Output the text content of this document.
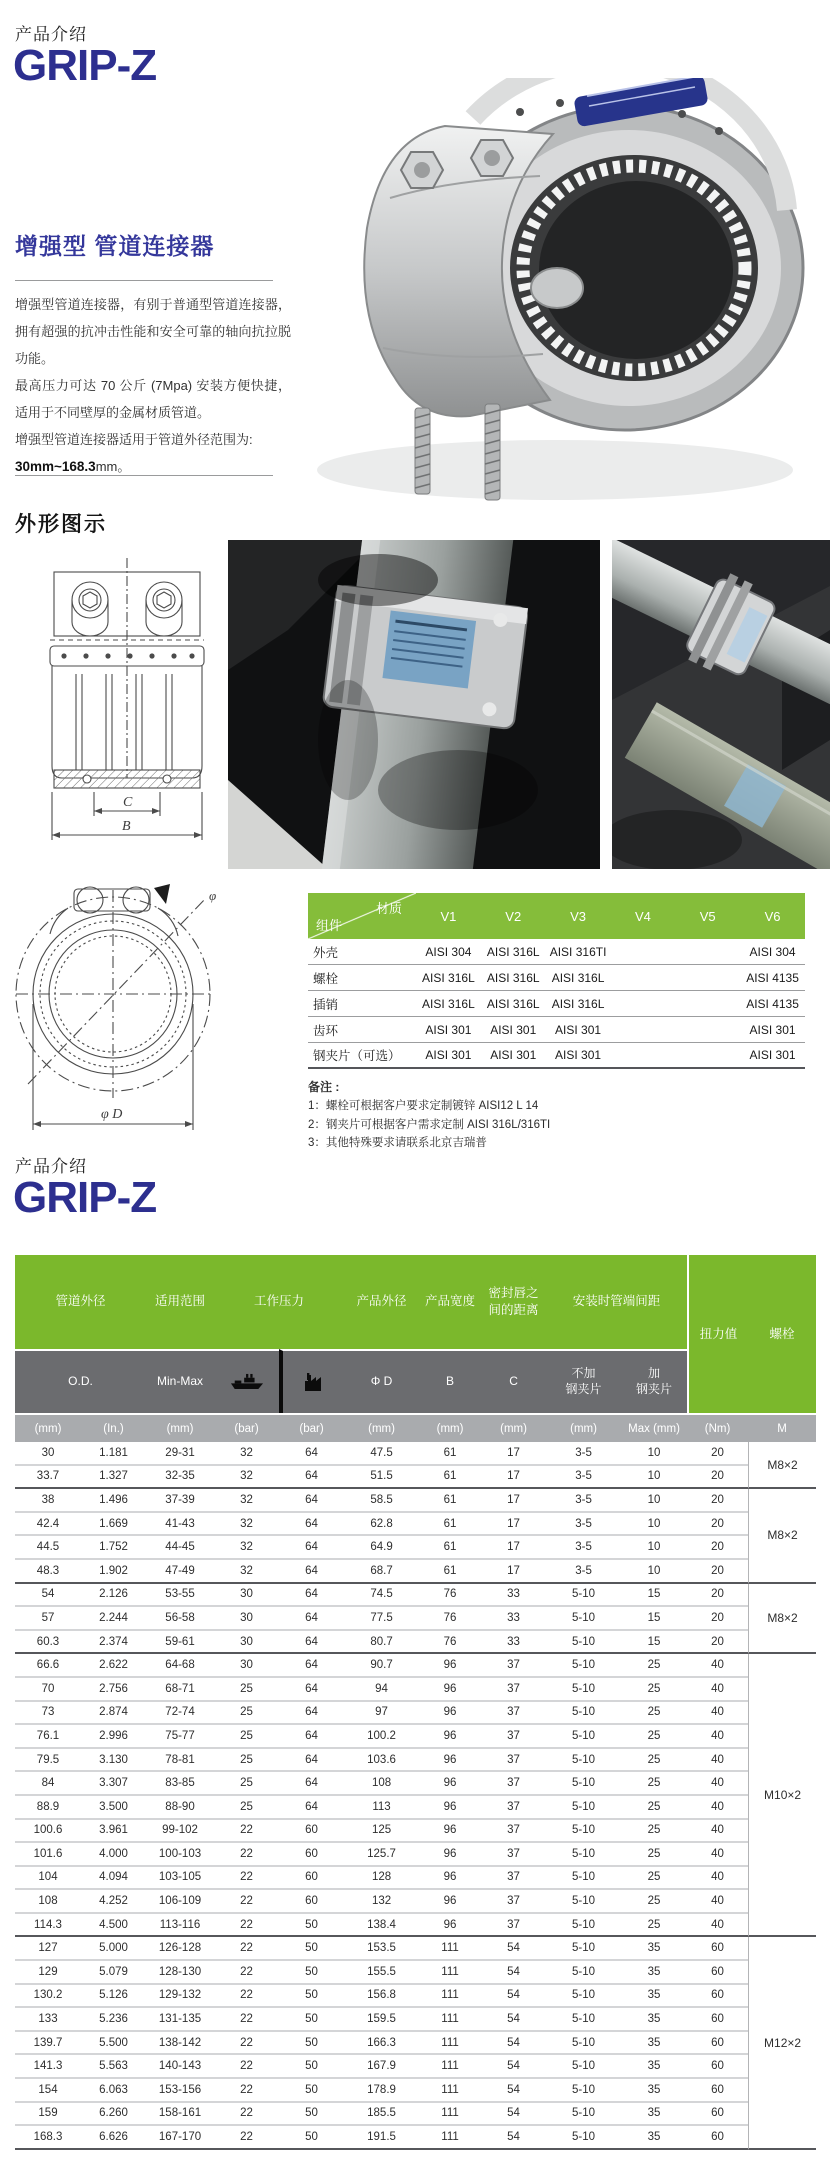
产品介绍
GRIP-Z
增强型 管道连接器

增强型管道连接器，有别于普通型管道连接器，拥有超强的抗冲击性能和安全可靠的轴向抗拉脱功能。

最高压力可达 70 公斤 (7Mpa) 安装方便快捷，适用于不同壁厚的金属材质管道。

增强型管道连接器适用于管道外径范围为:

30mm~168.3mm。

外形图示
C
B
φ
φ D
材质
组件	V1	V2	V3	V4	V5	V6
外壳	AISI 304	AISI 316L	AISI 316TI			AISI 304
螺栓	AISI 316L	AISI 316L	AISI 316L			AISI 4135
插销	AISI 316L	AISI 316L	AISI 316L			AISI 4135
齿环	AISI 301	AISI 301	AISI 301			AISI 301
钢夹片（可选）	AISI 301	AISI 301	AISI 301			AISI 301
备注 :
1：螺栓可根据客户要求定制镀锌 AISI12 L 14
2：钢夹片可根据客户需求定制 AISI 316L/316TI
3：其他特殊要求请联系北京吉瑞普
产品介绍
GRIP-Z
管道外径		适用范围	工作压力		产品外径	产品宽度	密封唇之间的距离	安装时管端间距		扭力值	螺栓
O.D.		Min-Max			Φ D	B	C	不加
钢夹片	加
钢夹片		
(mm)	(In.)	(mm)	(bar)	(bar)	(mm)	(mm)	(mm)	(mm)	Max (mm)	(Nm)	M
30	1.181	29-31	32	64	47.5	61	17	3-5	10	20	M8×2
33.7	1.327	32-35	32	64	51.5	61	17	3-5	10	20	
38	1.496	37-39	32	64	58.5	61	17	3-5	10	20	M8×2
42.4	1.669	41-43	32	64	62.8	61	17	3-5	10	20	
44.5	1.752	44-45	32	64	64.9	61	17	3-5	10	20	
48.3	1.902	47-49	32	64	68.7	61	17	3-5	10	20	
54	2.126	53-55	30	64	74.5	76	33	5-10	15	20	M8×2
57	2.244	56-58	30	64	77.5	76	33	5-10	15	20	
60.3	2.374	59-61	30	64	80.7	76	33	5-10	15	20	
66.6	2.622	64-68	30	64	90.7	96	37	5-10	25	40	M10×2
70	2.756	68-71	25	64	94	96	37	5-10	25	40	
73	2.874	72-74	25	64	97	96	37	5-10	25	40	
76.1	2.996	75-77	25	64	100.2	96	37	5-10	25	40	
79.5	3.130	78-81	25	64	103.6	96	37	5-10	25	40	
84	3.307	83-85	25	64	108	96	37	5-10	25	40	
88.9	3.500	88-90	25	64	113	96	37	5-10	25	40	
100.6	3.961	99-102	22	60	125	96	37	5-10	25	40	
101.6	4.000	100-103	22	60	125.7	96	37	5-10	25	40	
104	4.094	103-105	22	60	128	96	37	5-10	25	40	
108	4.252	106-109	22	60	132	96	37	5-10	25	40	
114.3	4.500	113-116	22	50	138.4	96	37	5-10	25	40	
127	5.000	126-128	22	50	153.5	111	54	5-10	35	60	M12×2
129	5.079	128-130	22	50	155.5	111	54	5-10	35	60	
130.2	5.126	129-132	22	50	156.8	111	54	5-10	35	60	
133	5.236	131-135	22	50	159.5	111	54	5-10	35	60	
139.7	5.500	138-142	22	50	166.3	111	54	5-10	35	60	
141.3	5.563	140-143	22	50	167.9	111	54	5-10	35	60	
154	6.063	153-156	22	50	178.9	111	54	5-10	35	60	
159	6.260	158-161	22	50	185.5	111	54	5-10	35	60	
168.3	6.626	167-170	22	50	191.5	111	54	5-10	35	60	
